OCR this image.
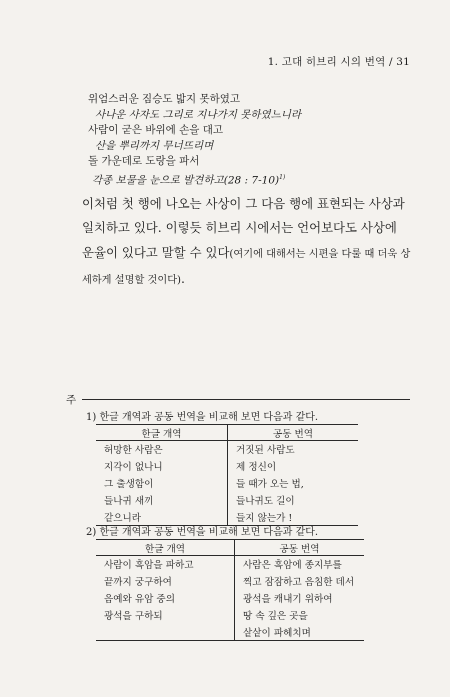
1. 고대 히브리 시의 번역 / 31
위엄스러운 짐승도 밟지 못하였고
사나운 사자도 그리로 지나가지 못하였느니라
사람이 굳은 바위에 손을 대고
산을 뿌리까지 무너뜨리며
돌 가운데로 도랑을 파서
각종 보물을 눈으로 발견하고(28 : 7-10)$^{1)}$
이처럼 첫 행에 나오는 사상이 그 다음 행에 표현되는 사상과 일치하고 있다. 이렇듯 히브리 시에서는 언어보다도 사상에 운율이 있다고 말할 수 있다(여기에 대해서는 시편을 다룰 때 더욱 상세하게 설명할 것이다).
주
1) 한글 개역과 공동 번역을 비교해 보면 다음과 같다.
한글 개역	공동 번역
허망한 사람은	거짓된 사람도
지각이 없나니	제 정신이
그 출생함이	들 때가 오는 법,
들나귀 새끼	들나귀도 길이
같으니라	들지 않는가 !
2) 한글 개역과 공동 번역을 비교해 보면 다음과 같다.
한글 개역	공동 번역
사람이 흑암을 파하고	사람은 흑암에 종지부를
끝까지 궁구하여	찍고 잠잠하고 음침한 데서
음예와 유암 중의	광석을 캐내기 위하여
광석을 구하되	땅 속 깊은 곳을
	샅샅이 파헤치며
